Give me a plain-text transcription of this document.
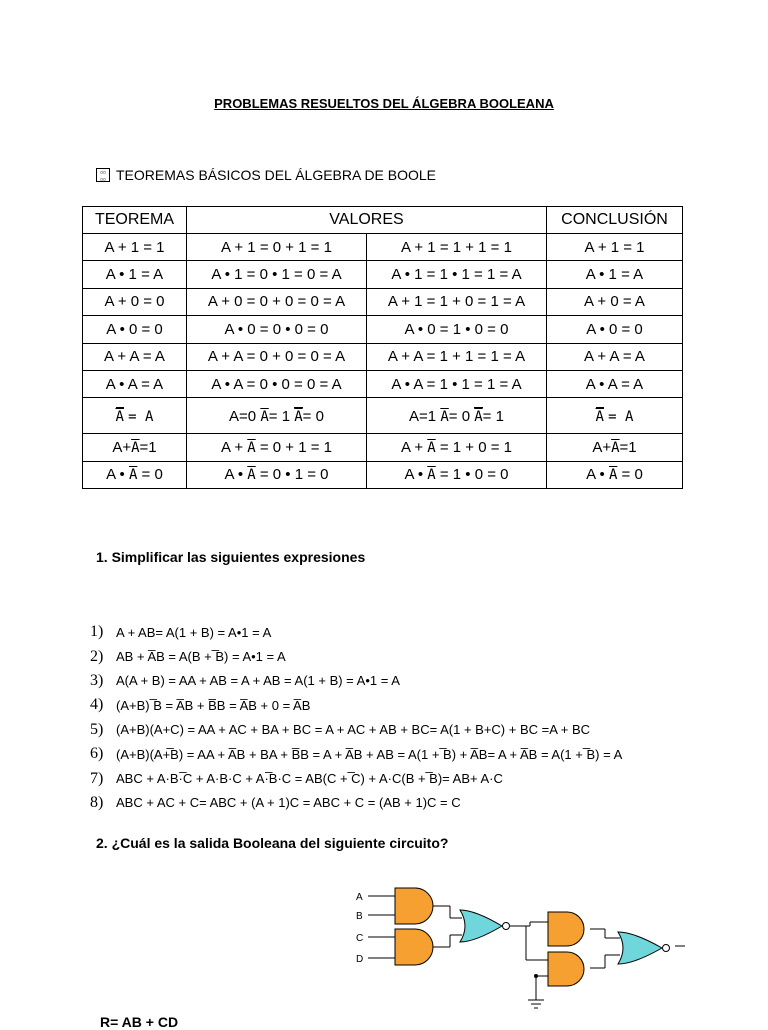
PROBLEMAS RESUELTOS DEL ÁLGEBRA BOOLEANA
▫▫
▫▫ TEOREMAS BÁSICOS DEL ÁLGEBRA DE BOOLE
TEOREMA	VALORES		CONCLUSIÓN
A + 1 = 1	A + 1 = 0 + 1 = 1	A + 1 = 1 + 1 = 1	A + 1 = 1
A • 1 = A	A • 1 = 0 • 1 = 0 = A	A • 1 = 1 • 1 = 1 = A	A • 1 = A
A + 0 = 0	A + 0 = 0 + 0 = 0 = A	A + 1 = 1 + 0 = 1 = A	A + 0 = A
A • 0 = 0	A • 0 = 0 • 0 = 0	A • 0 = 1 • 0 = 0	A • 0 = 0
A + A = A	A + A = 0 + 0 = 0 = A	A + A = 1 + 1 = 1 = A	A + A = A
A • A = A	A • A = 0 • 0 = 0 = A	A • A = 1 • 1 = 1 = A	A • A = A
A = A	A=0 $\overline{A}= 1$ $\overline{A}= 0$	A=1 $\overline{A}= 0$ $\overline{A}= 1$	$\overline{A} = A$
$A+\overline{A}=1$	$A + \overline{A} = 0 + 1 = 1$	$A + \overline{A} = 1 + 0 = 1$	$A+\overline{A}=1$
A • $\overline{A} = 0$	A • $\overline{A} = 0$ • 1 = 0	A • $\overline{A} = 1$ • 0 = 0	A • $\overline{A} = 0$
1. Simplificar las siguientes expresiones
1) A + AB= A(1 + B) = A•1 = A
2) AB + A̅B = A(B + ̅B) = A•1 = A
3) A(A + B) = AA + AB = A + AB = A(1 + B) = A•1 = A
4) (A+B) ̅B = A̅B + B̅B = A̅B + 0 = A̅B
5) (A+B)(A+C) = AA + AC + BA + BC = A + AC + AB + BC= A(1 + B+C) + BC =A + BC
6) (A+B)(A+̅B) = AA + A̅B + BA + B̅B = A + A̅B + AB = A(1 + ̅B) + A̅B= A + A̅B = A(1 + ̅B) = A
7) ABC + A·B·̅C + A·B·C + A·̅B·C = AB(C + ̅C) + A·C(B + ̅B)= AB+ A·C
8) ABC + AC + C= ABC + (A + 1)C = ABC + C = (AB + 1)C = C
2. ¿Cuál es la salida Booleana del siguiente circuito?
A
B
C
D
R= AB + CD
